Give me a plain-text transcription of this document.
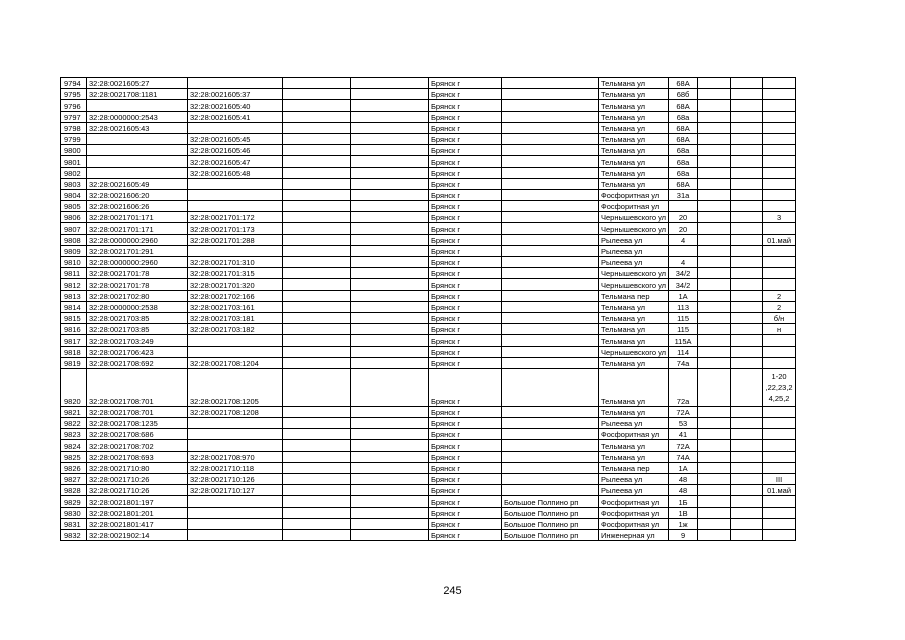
9794	32:28:0021605:27				Брянск г		Тельмана ул	68А			
9795	32:28:0021708:1181	32:28:0021605:37			Брянск г		Тельмана ул	68б			
9796		32:28:0021605:40			Брянск г		Тельмана ул	68А			
9797	32:28:0000000:2543	32:28:0021605:41			Брянск г		Тельмана ул	68а			
9798	32:28:0021605:43				Брянск г		Тельмана ул	68А			
9799		32:28:0021605:45			Брянск г		Тельмана ул	68А			
9800		32:28:0021605:46			Брянск г		Тельмана ул	68а			
9801		32:28:0021605:47			Брянск г		Тельмана ул	68а			
9802		32:28:0021605:48			Брянск г		Тельмана ул	68а			
9803	32:28:0021605:49				Брянск г		Тельмана ул	68А			
9804	32:28:0021606:20				Брянск г		Фосфоритная ул	31а			
9805	32:28:0021606:26				Брянск г		Фосфоритная ул				
9806	32:28:0021701:171	32:28:0021701:172			Брянск г		Чернышевского ул	20			3
9807	32:28:0021701:171	32:28:0021701:173			Брянск г		Чернышевского ул	20			
9808	32:28:0000000:2960	32:28:0021701:288			Брянск г		Рылеева ул	4			01.май
9809	32:28:0021701:291				Брянск г		Рылеева ул				
9810	32:28:0000000:2960	32:28:0021701:310			Брянск г		Рылеева ул	4			
9811	32:28:0021701:78	32:28:0021701:315			Брянск г		Чернышевского ул	34/2			
9812	32:28:0021701:78	32:28:0021701:320			Брянск г		Чернышевского ул	34/2			
9813	32:28:0021702:80	32:28:0021702:166			Брянск г		Тельмана пер	1А			2
9814	32:28:0000000:2538	32:28:0021703:161			Брянск г		Тельмана ул	113			2
9815	32:28:0021703:85	32:28:0021703:181			Брянск г		Тельмана ул	115			б/н
9816	32:28:0021703:85	32:28:0021703:182			Брянск г		Тельмана ул	115			н
9817	32:28:0021703:249				Брянск г		Тельмана ул	115А			
9818	32:28:0021706:423				Брянск г		Чернышевского ул	114			
9819	32:28:0021708:692	32:28:0021708:1204			Брянск г		Тельмана ул	74а			
9820	32:28:0021708:701	32:28:0021708:1205			Брянск г		Тельмана ул	72а			1-20 ,22,23,2 4,25,2
9821	32:28:0021708:701	32:28:0021708:1208			Брянск г		Тельмана ул	72А			
9822	32:28:0021708:1235				Брянск г		Рылеева ул	53			
9823	32:28:0021708:686				Брянск г		Фосфоритная ул	41			
9824	32:28:0021708:702				Брянск г		Тельмана ул	72А			
9825	32:28:0021708:693	32:28:0021708:970			Брянск г		Тельмана ул	74А			
9826	32:28:0021710:80	32:28:0021710:118			Брянск г		Тельмана пер	1А			
9827	32:28:0021710:26	32:28:0021710:126			Брянск г		Рылеева ул	48			III
9828	32:28:0021710:26	32:28:0021710:127			Брянск г		Рылеева ул	48			01.май
9829	32:28:0021801:197				Брянск г	Большое Полпино рп	Фосфоритная ул	1Б			
9830	32:28:0021801:201				Брянск г	Большое Полпино рп	Фосфоритная ул	1В			
9831	32:28:0021801:417				Брянск г	Большое Полпино рп	Фосфоритная ул	1ж			
9832	32:28:0021902:14				Брянск г	Большое Полпино рп	Инженерная ул	9			
245
